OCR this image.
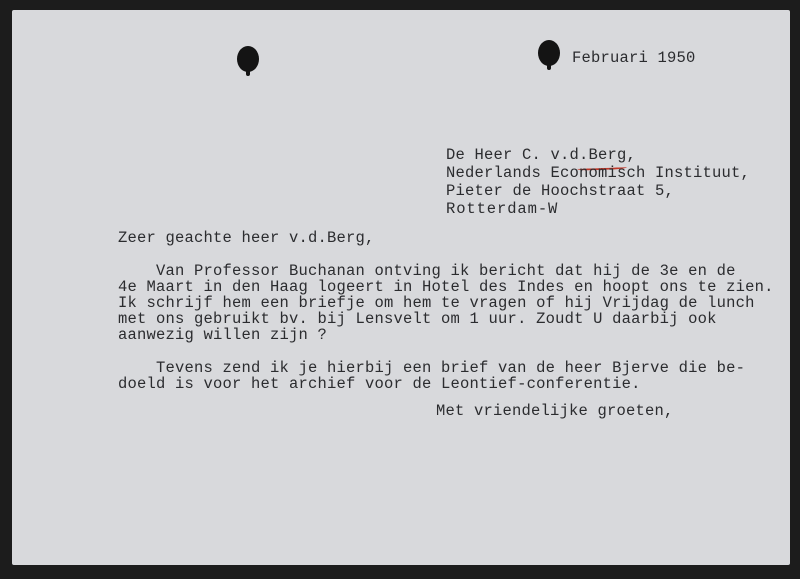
Februari 1950
De Heer C. v.d.Berg,
Nederlands Economisch Instituut,
Pieter de Hoochstraat 5,
Rotterdam-W
Zeer geachte heer v.d.Berg,
Van Professor Buchanan ontving ik bericht dat hij de 3e en de
4e Maart in den Haag logeert in Hotel des Indes en hoopt ons te zien.
Ik schrijf hem een briefje om hem te vragen of hij Vrijdag de lunch
met ons gebruikt bv. bij Lensvelt om 1 uur. Zoudt U daarbij ook
aanwezig willen zijn ?
Tevens zend ik je hierbij een brief van de heer Bjerve die be-
doeld is voor het archief voor de Leontief-conferentie.
Met vriendelijke groeten,
